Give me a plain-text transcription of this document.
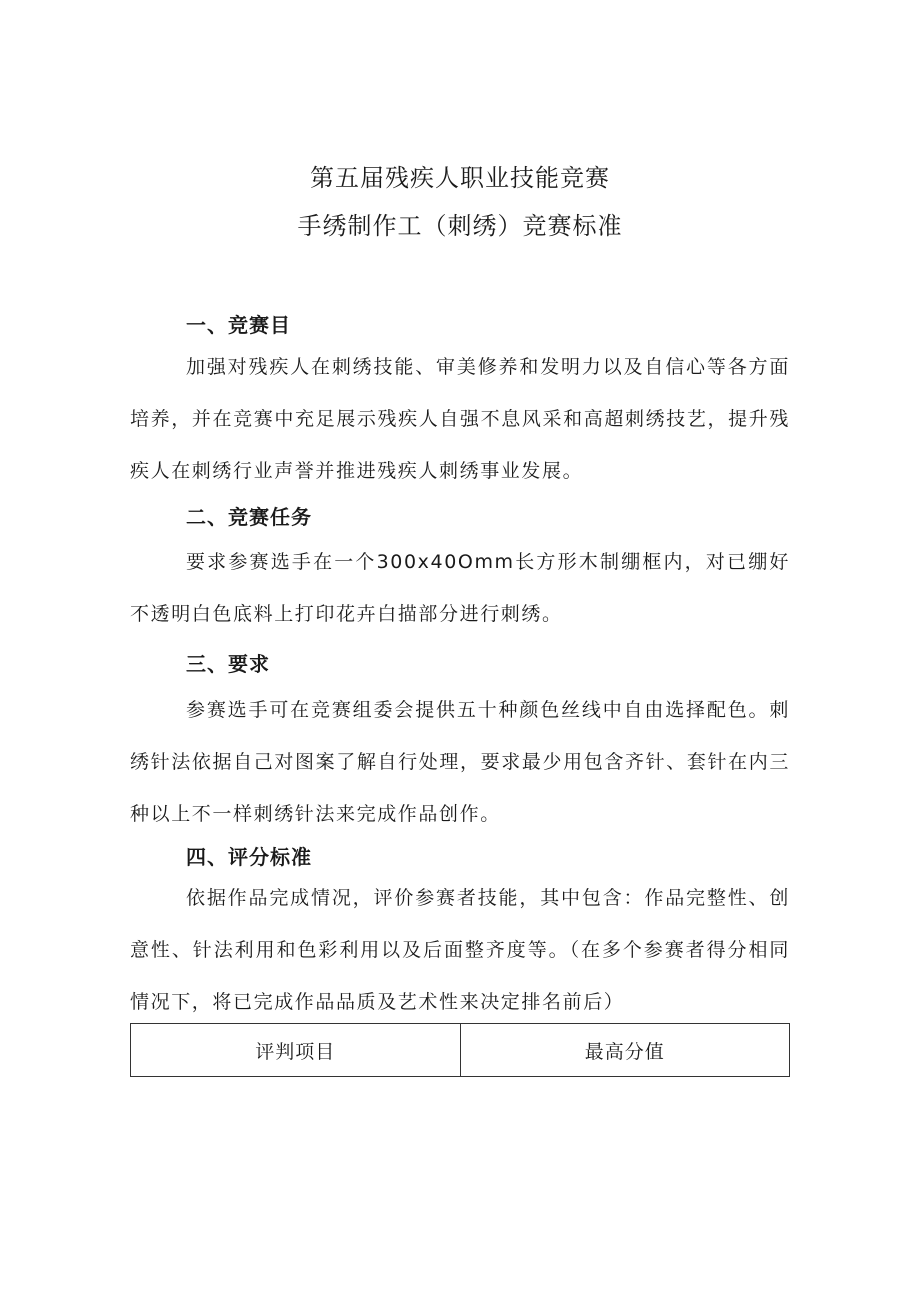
第五届残疾人职业技能竞赛
手绣制作工（刺绣）竞赛标准
一、竞赛目
加强对残疾人在刺绣技能、审美修养和发明力以及自信心等各方面培养，并在竞赛中充足展示残疾人自强不息风采和高超刺绣技艺，提升残疾人在刺绣行业声誉并推进残疾人刺绣事业发展。
二、竞赛任务
要求参赛选手在一个300x40Omm长方形木制绷框内，对已绷好不透明白色底料上打印花卉白描部分进行刺绣。
三、要求
参赛选手可在竞赛组委会提供五十种颜色丝线中自由选择配色。刺绣针法依据自己对图案了解自行处理，要求最少用包含齐针、套针在内三种以上不一样刺绣针法来完成作品创作。
四、评分标准
依据作品完成情况，评价参赛者技能，其中包含：作品完整性、创意性、针法利用和色彩利用以及后面整齐度等。（在多个参赛者得分相同情况下，将已完成作品品质及艺术性来决定排名前后）
评判项目	最高分值
